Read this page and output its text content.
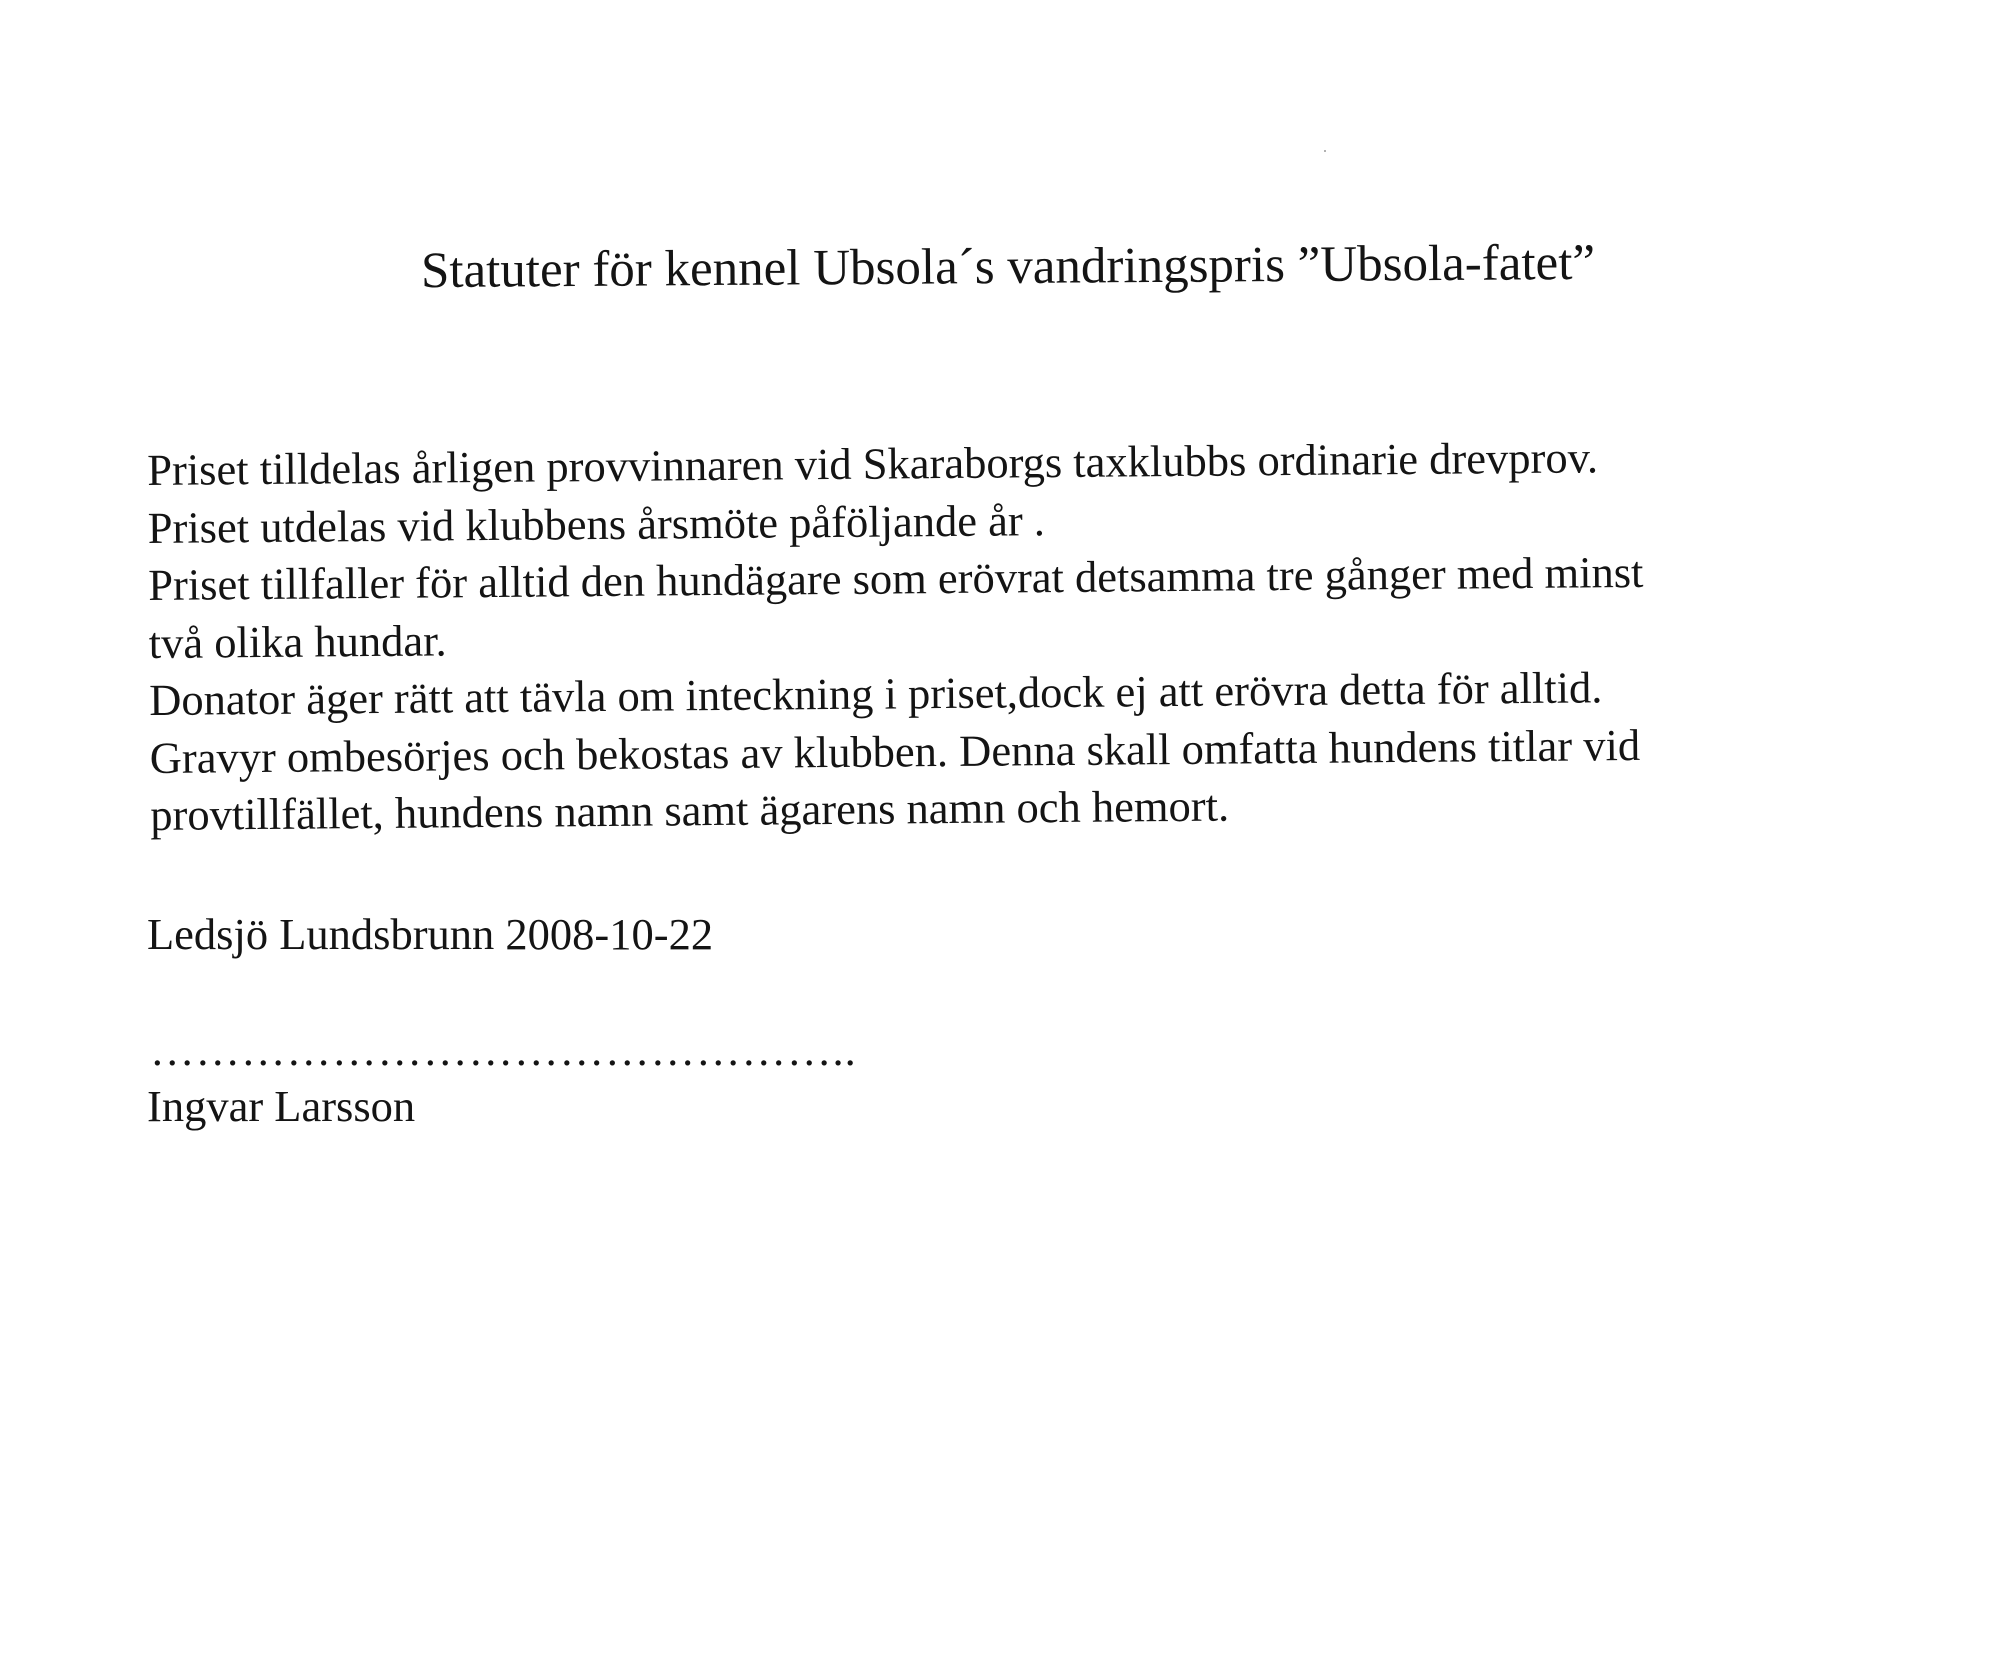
Statuter för kennel Ubsola´s vandringspris ”Ubsola-fatet”
Priset tilldelas årligen provvinnaren vid Skaraborgs taxklubbs ordinarie drevprov.
Priset utdelas vid klubbens årsmöte påföljande år .
Priset tillfaller för alltid den hundägare som erövrat detsamma tre gånger med minst
två olika hundar.
Donator äger rätt att tävla om inteckning i priset,dock ej att erövra detta för alltid.
Gravyr ombesörjes och bekostas av klubben. Denna skall omfatta hundens titlar vid
provtillfället, hundens namn samt ägarens namn och hemort.
Ledsjö Lundsbrunn 2008-10-22
………………………………………..
Ingvar Larsson
